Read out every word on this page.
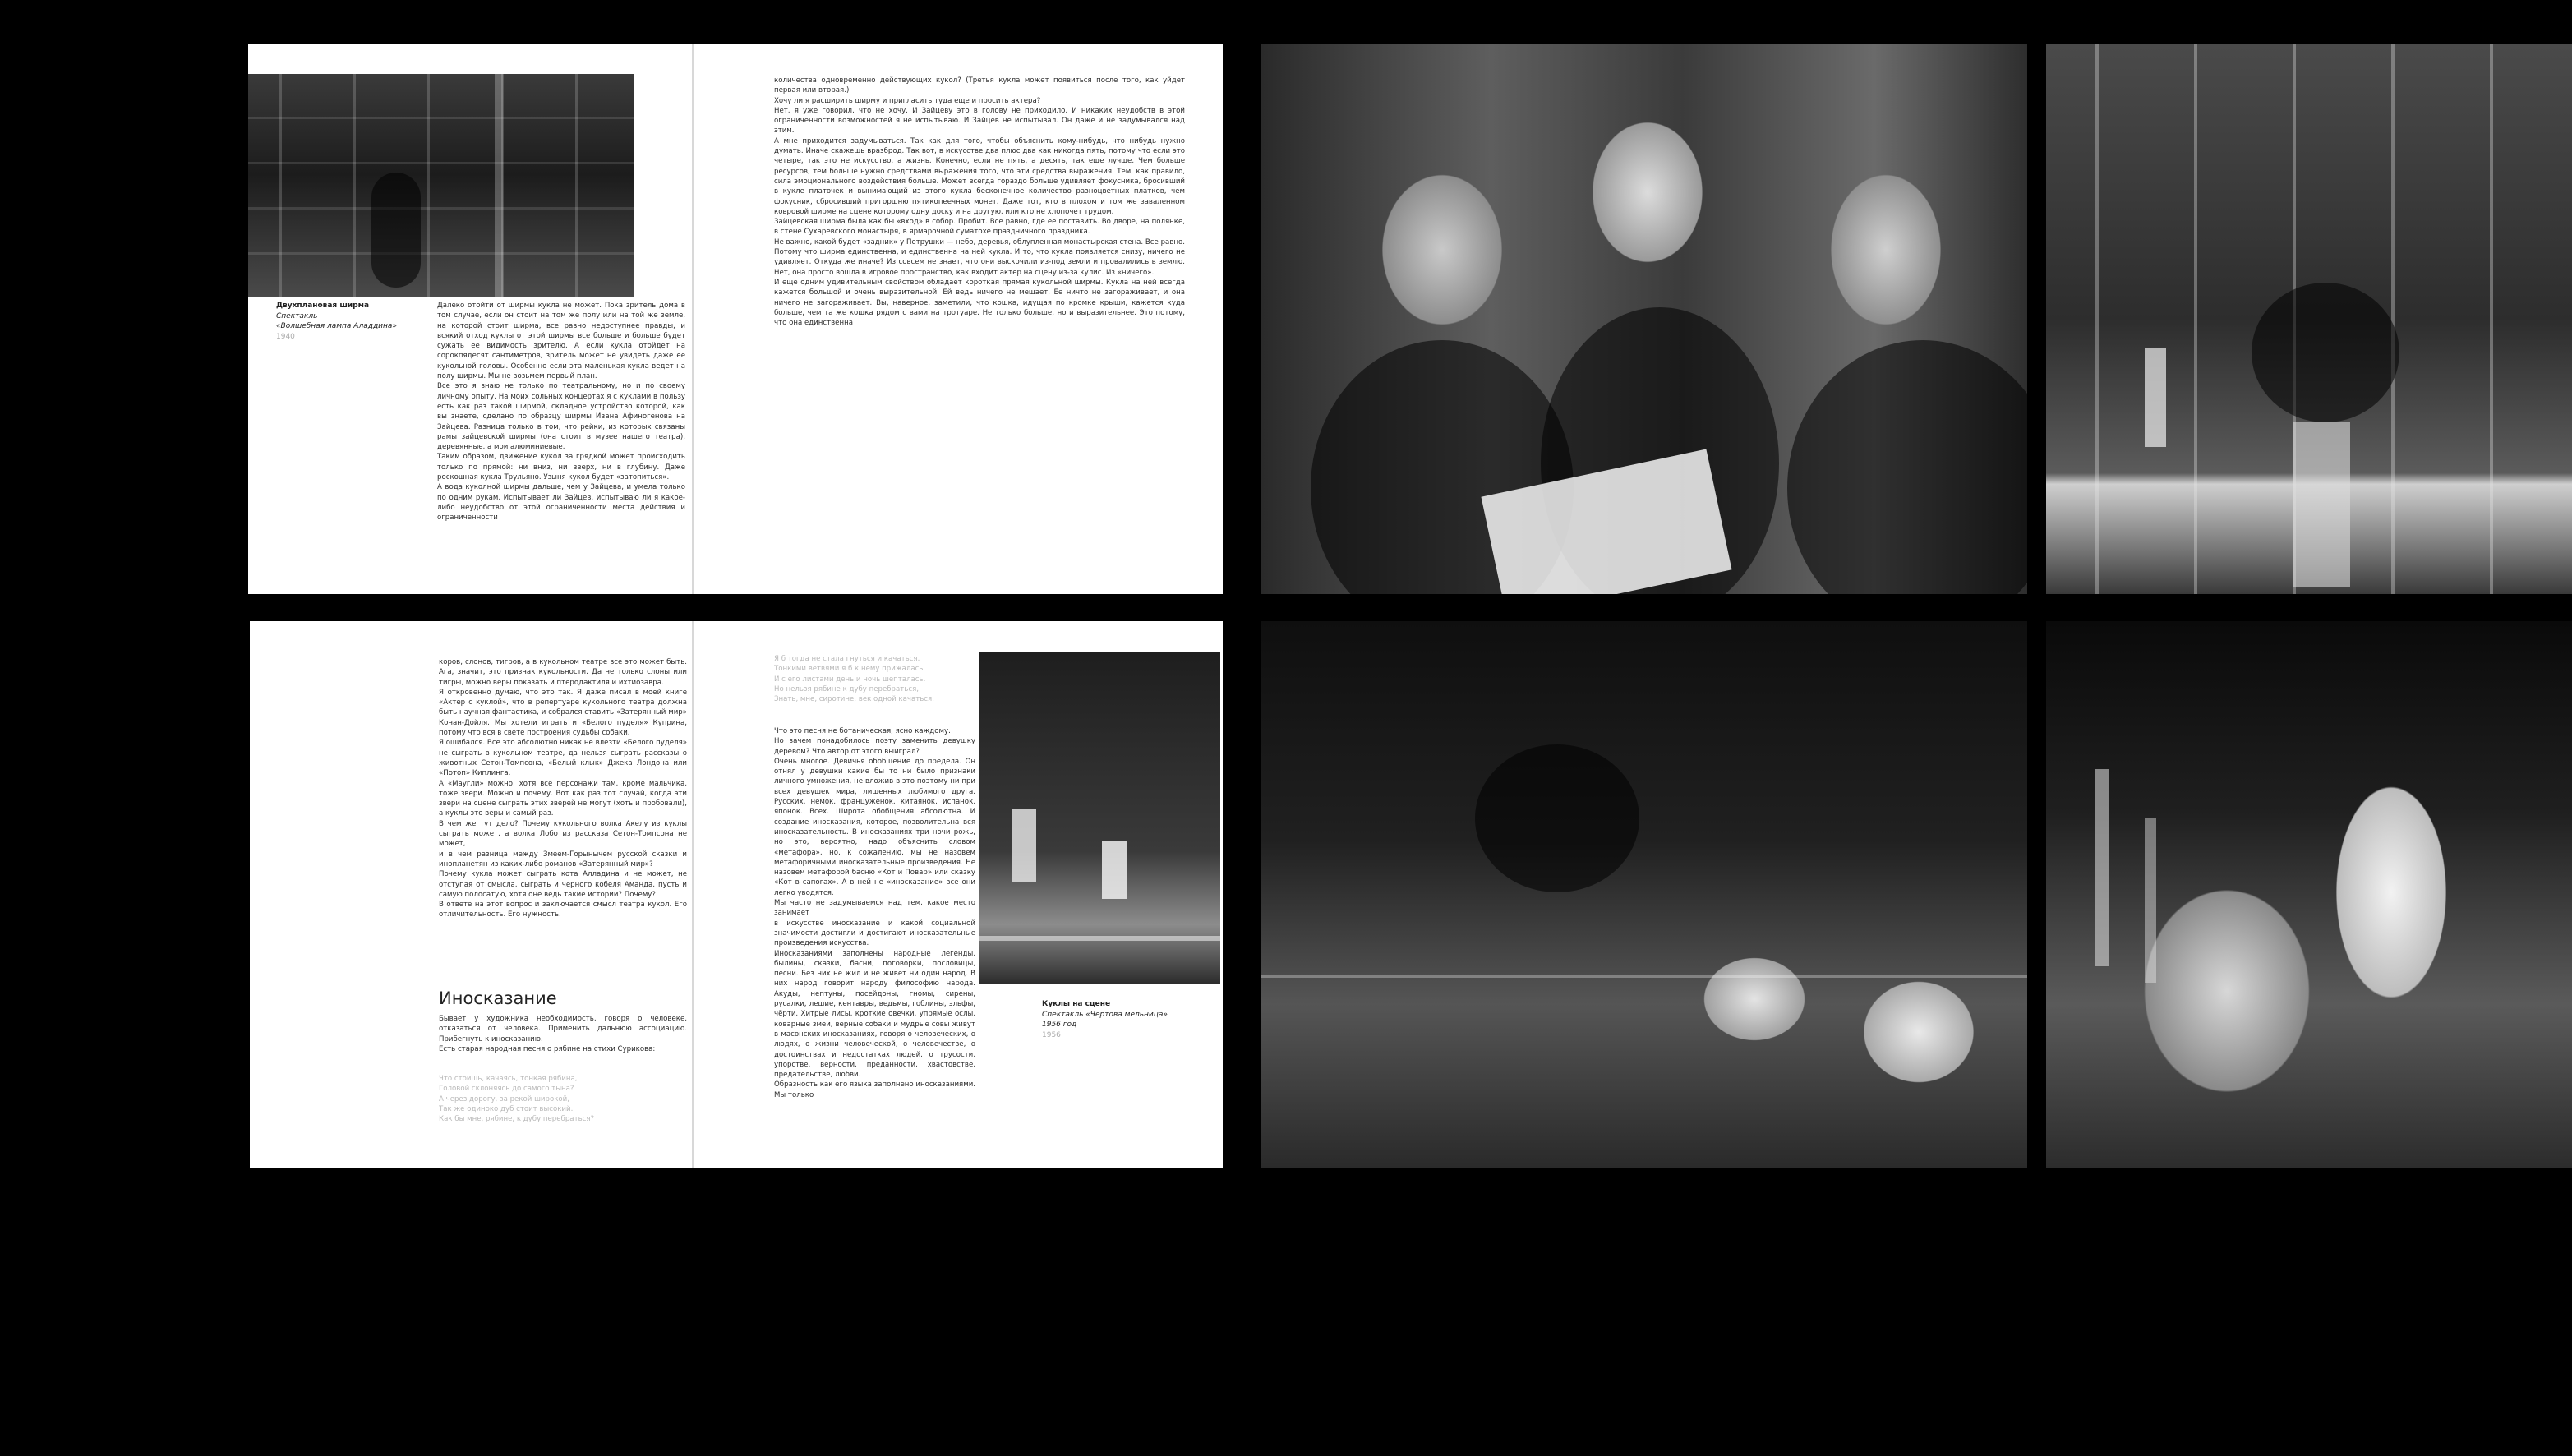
Двухплановая ширма
Спектакль
«Волшебная лампа Аладдина»
1940
Далеко отойти от ширмы кукла не может. Пока зритель дома в том случае, если он стоит на том же полу или на той же земле, на которой стоит ширма, все равно недоступнее правды, и всякий отход куклы от этой ширмы все больше и больше будет сужать ее видимость зрителю. А если кукла отойдет на сорокпядесят сантиметров, зритель может не увидеть даже ее кукольной головы. Особенно если эта маленькая кукла ведет на полу ширмы. Мы не возьмем первый план.
Все это я знаю не только по театральному, но и по своему личному опыту. На моих сольных концертах я с куклами в пользу есть как раз такой ширмой, складное устройство которой, как вы знаете, сделано по образцу ширмы Ивана Афиногенова на Зайцева. Разница только в том, что рейки, из которых связаны рамы зайцевской ширмы (она стоит в музее нашего театра), деревянные, а мои алюминиевые.
Таким образом, движение кукол за грядкой может происходить только по прямой: ни вниз, ни вверх, ни в глубину. Даже роскошная кукла Трульяно. Узыня кукол будет «затопиться».
А вода куколной ширмы дальше, чем у Зайцева, и умела только по одним рукам. Испытывает ли Зайцев, испытываю ли я какое-либо неудобство от этой ограниченности места действия и ограниченности
количества одновременно действующих кукол? (Третья кукла может появиться после того, как уйдет первая или вторая.)
Хочу ли я расширить ширму и пригласить туда еще и просить актера?
Нет, я уже говорил, что не хочу. И Зайцеву это в голову не приходило. И никаких неудобств в этой ограниченности возможностей я не испытываю. И Зайцев не испытывал. Он даже и не задумывался над этим.
А мне приходится задумываться. Так как для того, чтобы объяснить кому-нибудь, что нибудь нужно думать. Иначе скажешь вразброд. Так вот, в искусстве два плюс два как никогда пять, потому что если это четыре, так это не искусство, а жизнь. Конечно, если не пять, а десять, так еще лучше. Чем больше ресурсов, тем больше нужно средствами выражения того, что эти средства выражения. Тем, как правило, сила эмоционального воздействия больше. Может всегда гораздо больше удивляет фокусника, бросивший в кукле платочек и вынимающий из этого кукла бесконечное количество разноцветных платков, чем фокусник, сбросивший пригоршню пятикопеечных монет. Даже тот, кто в плохом и том же заваленном ковровой ширме на сцене которому одну доску и на другую, или кто не хлопочет трудом.
Зайцевская ширма была как бы «вход» в собор. Пробит. Все равно, где ее поставить. Во дворе, на полянке, в стене Сухаревского монастыря, в ярмарочной суматохе праздничного праздника.
Не важно, какой будет «задник» у Петрушки — небо, деревья, облупленная монастырская стена. Все равно. Потому что ширма единственна, и единственна на ней кукла. И то, что кукла появляется снизу, ничего не удивляет. Откуда же иначе? Из совсем не знает, что они выскочили из-под земли и провалились в землю. Нет, она просто вошла в игровое пространство, как входит актер на сцену из-за кулис. Из «ничего».
И еще одним удивительным свойством обладает короткая прямая кукольной ширмы. Кукла на ней всегда кажется большой и очень выразительной. Ей ведь ничего не мешает. Ее ничто не загораживает, и она ничего не загораживает. Вы, наверное, заметили, что кошка, идущая по кромке крыши, кажется куда больше, чем та же кошка рядом с вами на тротуаре. Не только больше, но и выразительнее. Это потому, что она единственна
коров, слонов, тигров, а в кукольном театре все это может быть. Ага, значит, это признак кукольности. Да не только слоны или тигры, можно веры показать и птеродактиля и ихтиозавра.
Я откровенно думаю, что это так. Я даже писал в моей книге «Актер с куклой», что в репертуаре кукольного театра должна быть научная фантастика, и собрался ставить «Затерянный мир» Конан-Дойля. Мы хотели играть и «Белого пуделя» Куприна, потому что вся в свете построения судьбы собаки.
Я ошибался. Все это абсолютно никак не влезти «Белого пуделя» не сыграть в кукольном театре, да нельзя сыграть рассказы о животных Сетон-Томпсона, «Белый клык» Джека Лондона или «Потоп» Киплинга.
А «Маугли» можно, хотя все персонажи там, кроме мальчика, тоже звери. Можно и почему. Вот как раз тот случай, когда эти звери на сцене сыграть этих зверей не могут (хоть и пробовали), а куклы это веры и самый раз.
В чем же тут дело? Почему кукольного волка Акелу из куклы сыграть может, а волка Лобо из рассказа Сетон-Томпсона не может,
и в чем разница между Змеем-Горынычем русской сказки и инопланетян из каких-либо романов «Затерянный мир»?
Почему кукла может сыграть кота Алладина и не может, не отступая от смысла, сыграть и черного кобеля Аманда, пусть и самую полосатую, хотя оне ведь такие истории? Почему?
В ответе на этот вопрос и заключается смысл театра кукол. Его отличительность. Его нужность.
Иносказание
Бывает у художника необходимость, говоря о человеке, отказаться от человека. Применить дальнюю ассоциацию. Прибегнуть к иносказанию.
Есть старая народная песня о рябине на стихи Сурикова:
Что стоишь, качаясь, тонкая рябина,
Головой склоняясь до самого тына?
А через дорогу, за рекой широкой,
Так же одиноко дуб стоит высокий.
Как бы мне, рябине, к дубу перебраться?
Я б тогда не стала гнуться и качаться.
Тонкими ветвями я б к нему прижалась
И с его листами день и ночь шепталась.
Но нельзя рябине к дубу перебраться,
Знать, мне, сиротине, век одной качаться.
Что это песня не ботаническая, ясно каждому.
Но зачем понадобилось поэту заменить девушку деревом? Что автор от этого выиграл?
Очень многое. Девичья обобщение до предела. Он отнял у девушки какие бы то ни было признаки личного умножения, не вложив в это поэтому ни при всех девушек мира, лишенных любимого друга. Русских, немок, француженок, китаянок, испанок, японок. Всех. Широта обобщения абсолютна. И создание иносказания, которое, позволительна вся иносказательность. В иносказаниях три ночи рожь, но это, вероятно, надо объяснить словом «метафора», но, к сожалению, мы не назовем метафоричными иносказательные произведения. Не назовем метафорой басню «Кот и Повар» или сказку «Кот в сапогах». А в ней не «иносказание» все они легко уводятся.
Мы часто не задумываемся над тем, какое место занимает
в искусстве иносказание и какой социальной значимости достигли и достигают иносказательные произведения искусства.
Иносказаниями заполнены народные легенды, былины, сказки, басни, поговорки, пословицы, песни. Без них не жил и не живет ни один народ. В них народ говорит народу философию народа. Акуды, нептуны, посейдоны, гномы, сирены, русалки, лешие, кентавры, ведьмы, гоблины, эльфы, чёрти. Хитрые лисы, кроткие овечки, упрямые ослы, коварные змеи, верные собаки и мудрые совы живут в масонских иносказаниях, говоря о человеческих, о людях, о жизни человеческой, о человечестве, о достоинствах и недостатках людей, о трусости, упорстве, верности, преданности, хвастовстве, предательстве, любви.
Образность как его языка заполнено иносказаниями. Мы только
Куклы на сцене
Спектакль «Чертова мельница»
1956 год
1956
